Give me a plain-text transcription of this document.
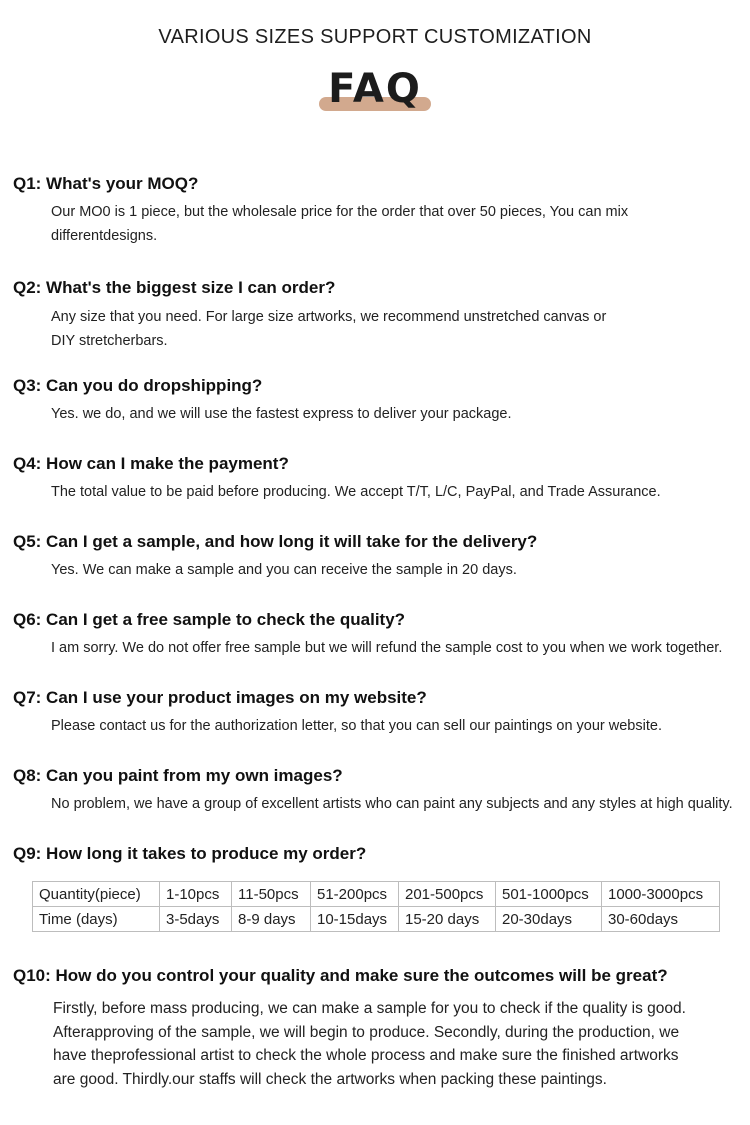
VARIOUS SIZES SUPPORT CUSTOMIZATION
FAQ
Q1: What's your MOQ?
Our MO0 is 1 piece, but the wholesale price for the order that over 50 pieces, You can mix
differentdesigns.
Q2: What's the biggest size I can order?
Any size that you need. For large size artworks, we recommend unstretched canvas or
DIY stretcherbars.
Q3: Can you do dropshipping?
Yes. we do, and we will use the fastest express to deliver your package.
Q4: How can I make the payment?
The total value to be paid before producing. We accept T/T, L/C, PayPal, and Trade Assurance.
Q5: Can I get a sample, and how long it will take for the delivery?
Yes. We can make a sample and you can receive the sample in 20 days.
Q6: Can I get a free sample to check the quality?
I am sorry. We do not offer free sample but we will refund the sample cost to you when we work together.
Q7: Can I use your product images on my website?
Please contact us for the authorization letter, so that you can sell our paintings on your website.
Q8: Can you paint from my own images?
No problem, we have a group of excellent artists who can paint any subjects and any styles at high quality.
Q9: How long it takes to produce my order?
Quantity(piece)	1-10pcs	11-50pcs	51-200pcs	201-500pcs	501-1000pcs	1000-3000pcs
Time (days)	3-5days	8-9 days	10-15days	15-20 days	20-30days	30-60days
Q10: How do you control your quality and make sure the outcomes will be great?
Firstly, before mass producing, we can make a sample for you to check if the quality is good.
Afterapproving of the sample, we will begin to produce. Secondly, during the production, we
have theprofessional artist to check the whole process and make sure the finished artworks
are good. Thirdly.our staffs will check the artworks when packing these paintings.
